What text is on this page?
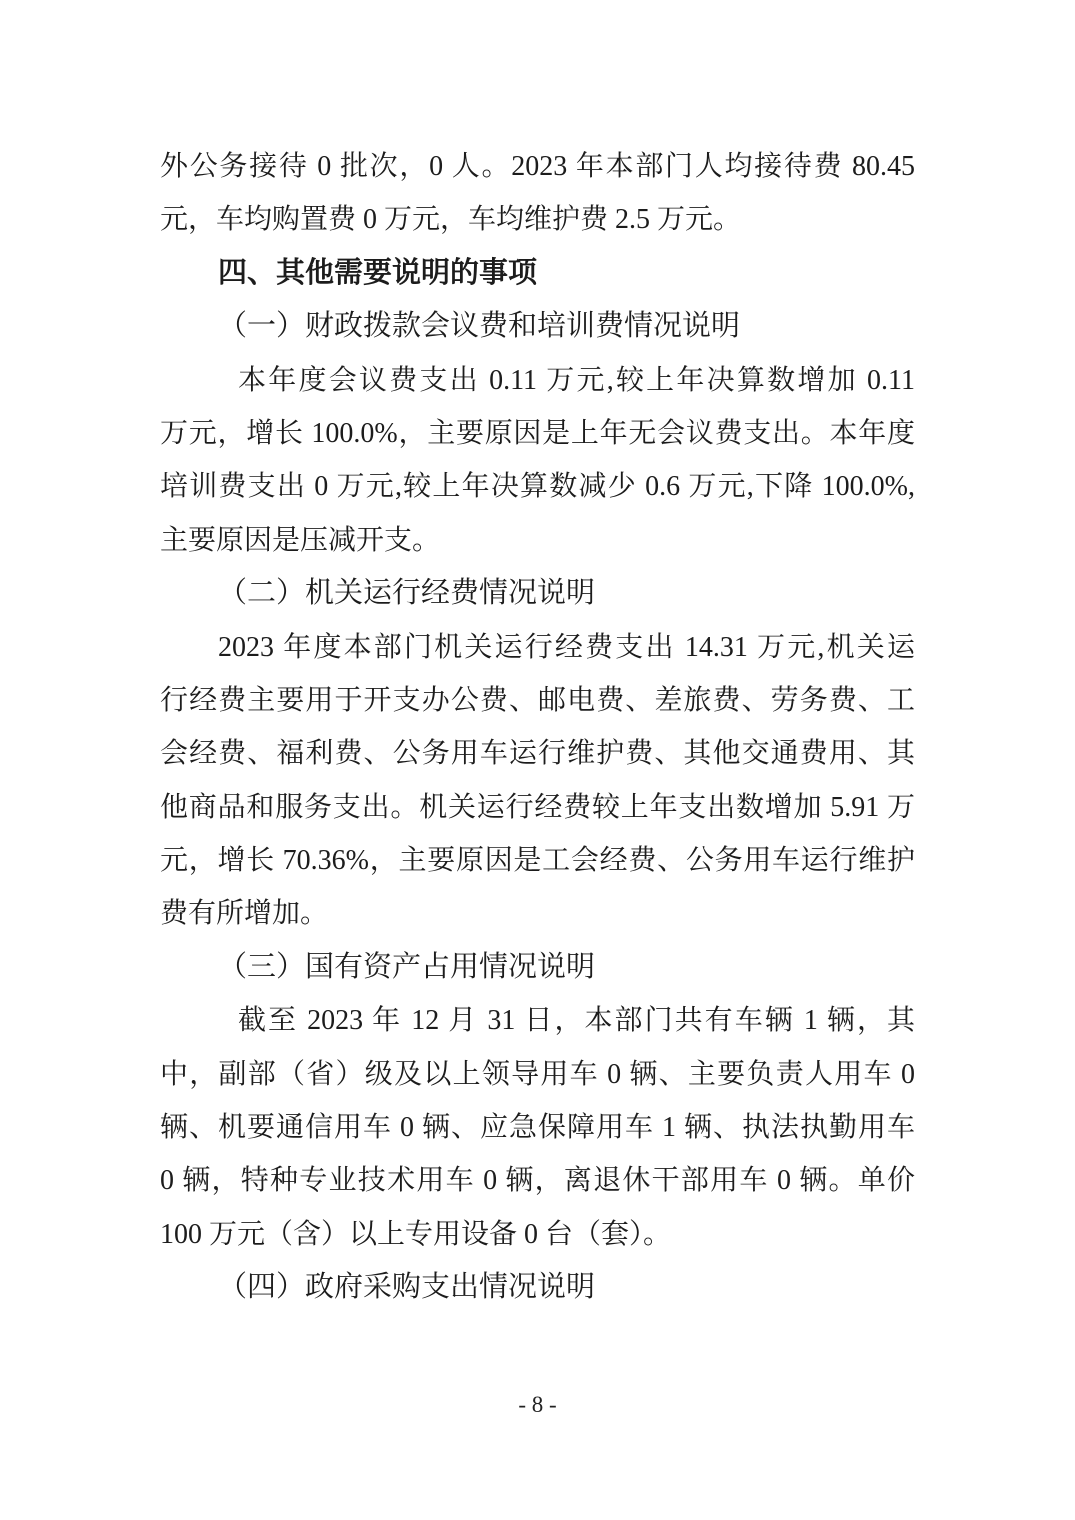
外公务接待 0 批次，0 人。2023 年本部门人均接待费 80.45
元，车均购置费 0 万元，车均维护费 2.5 万元。
四、其他需要说明的事项
（一）财政拨款会议费和培训费情况说明
本年度会议费支出 0.11 万元,较上年决算数增加 0.11
万元，增长 100.0%，主要原因是上年无会议费支出。本年度
培训费支出 0 万元,较上年决算数减少 0.6 万元,下降 100.0%,
主要原因是压减开支。
（二）机关运行经费情况说明
2023 年度本部门机关运行经费支出 14.31 万元,机关运
行经费主要用于开支办公费、邮电费、差旅费、劳务费、工
会经费、福利费、公务用车运行维护费、其他交通费用、其
他商品和服务支出。机关运行经费较上年支出数增加 5.91 万
元，增长 70.36%，主要原因是工会经费、公务用车运行维护
费有所增加。
（三）国有资产占用情况说明
截至 2023 年 12 月 31 日，本部门共有车辆 1 辆，其
中，副部（省）级及以上领导用车 0 辆、主要负责人用车 0
辆、机要通信用车 0 辆、应急保障用车 1 辆、执法执勤用车
0 辆，特种专业技术用车 0 辆，离退休干部用车 0 辆。单价
100 万元（含）以上专用设备 0 台（套）。
（四）政府采购支出情况说明
- 8 -
